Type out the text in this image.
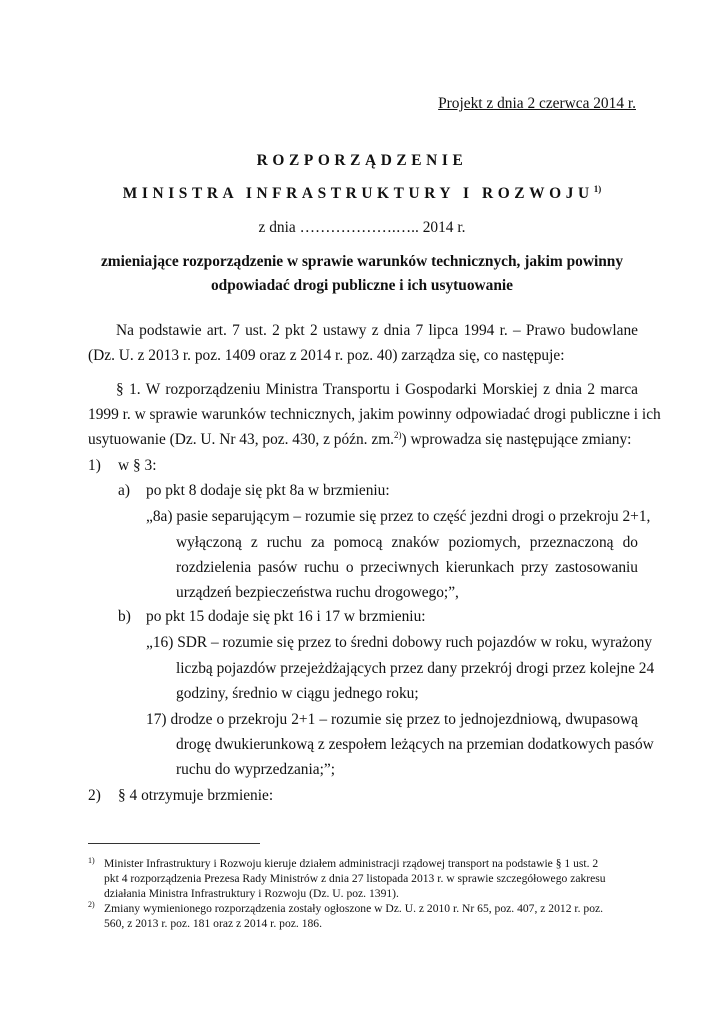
Projekt z dnia 2 czerwca 2014 r.
ROZPORZĄDZENIE
MINISTRA INFRASTRUKTURY I ROZWOJU$^{1)}$
z dnia ……………….….. 2014 r.
zmieniające rozporządzenie w sprawie warunków technicznych, jakim powinny
odpowiadać drogi publiczne i ich usytuowanie
Na podstawie art. 7 ust. 2 pkt 2 ustawy z dnia 7 lipca 1994 r. – Prawo budowlane
(Dz. U. z 2013 r. poz. 1409 oraz z 2014 r. poz. 40) zarządza się, co następuje:
§ 1. W rozporządzeniu Ministra Transportu i Gospodarki Morskiej z dnia 2 marca
1999 r. w sprawie warunków technicznych, jakim powinny odpowiadać drogi publiczne i ich
usytuowanie (Dz. U. Nr 43, poz. 430, z późn. zm.$^{2)}$) wprowadza się następujące zmiany:
1) w § 3:
a) po pkt 8 dodaje się pkt 8a w brzmieniu:
„8a) pasie separującym – rozumie się przez to część jezdni drogi o przekroju 2+1,
wyłączoną z ruchu za pomocą znaków poziomych, przeznaczoną do
rozdzielenia pasów ruchu o przeciwnych kierunkach przy zastosowaniu
urządzeń bezpieczeństwa ruchu drogowego;”,
b) po pkt 15 dodaje się pkt 16 i 17 w brzmieniu:
„16) SDR – rozumie się przez to średni dobowy ruch pojazdów w roku, wyrażony
liczbą pojazdów przejeżdżających przez dany przekrój drogi przez kolejne 24
godziny, średnio w ciągu jednego roku;
17) drodze o przekroju 2+1 – rozumie się przez to jednojezdniową, dwupasową
drogę dwukierunkową z zespołem leżących na przemian dodatkowych pasów
ruchu do wyprzedzania;”;
2) § 4 otrzymuje brzmienie:
1) Minister Infrastruktury i Rozwoju kieruje działem administracji rządowej transport na podstawie § 1 ust. 2
pkt 4 rozporządzenia Prezesa Rady Ministrów z dnia 27 listopada 2013 r. w sprawie szczegółowego zakresu
działania Ministra Infrastruktury i Rozwoju (Dz. U. poz. 1391).
2) Zmiany wymienionego rozporządzenia zostały ogłoszone w Dz. U. z 2010 r. Nr 65, poz. 407, z 2012 r. poz.
560, z 2013 r. poz. 181 oraz z 2014 r. poz. 186.
